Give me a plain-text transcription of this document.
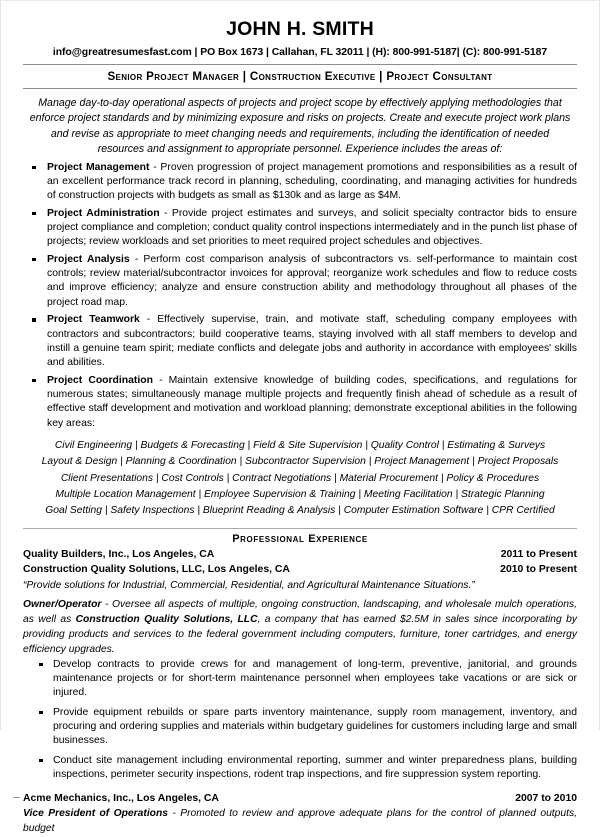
JOHN H. SMITH
info@greatresumesfast.com | PO Box 1673 | Callahan, FL 32011 | (H): 800-991-5187| (C): 800-991-5187
Senior Project Manager | Construction Executive | Project Consultant
Manage day-to-day operational aspects of projects and project scope by effectively applying methodologies that enforce project standards and by minimizing exposure and risks on projects. Create and execute project work plans and revise as appropriate to meet changing needs and requirements, including the identification of needed resources and assignment to appropriate personnel. Experience includes the areas of:
Project Management - Proven progression of project management promotions and responsibilities as a result of an excellent performance track record in planning, scheduling, coordinating, and managing activities for hundreds of construction projects with budgets as small as $130k and as large as $4M.
Project Administration - Provide project estimates and surveys, and solicit specialty contractor bids to ensure project compliance and completion; conduct quality control inspections intermediately and in the punch list phase of projects; review workloads and set priorities to meet required project schedules and objectives.
Project Analysis - Perform cost comparison analysis of subcontractors vs. self-performance to maintain cost controls; review material/subcontractor invoices for approval; reorganize work schedules and flow to reduce costs and improve efficiency; analyze and ensure construction ability and methodology throughout all phases of the project road map.
Project Teamwork - Effectively supervise, train, and motivate staff, scheduling company employees with contractors and subcontractors; build cooperative teams, staying involved with all staff members to develop and instill a genuine team spirit; mediate conflicts and delegate jobs and authority in accordance with employees' skills and abilities.
Project Coordination - Maintain extensive knowledge of building codes, specifications, and regulations for numerous states; simultaneously manage multiple projects and frequently finish ahead of schedule as a result of effective staff development and motivation and workload planning; demonstrate exceptional abilities in the following key areas:
Civil Engineering | Budgets & Forecasting | Field & Site Supervision | Quality Control | Estimating & Surveys
Layout & Design | Planning & Coordination | Subcontractor Supervision | Project Management | Project Proposals
Client Presentations | Cost Controls | Contract Negotiations | Material Procurement | Policy & Procedures
Multiple Location Management | Employee Supervision & Training | Meeting Facilitation | Strategic Planning
Goal Setting | Safety Inspections | Blueprint Reading & Analysis | Computer Estimation Software | CPR Certified
Professional Experience
Quality Builders, Inc., Los Angeles, CA	2011 to Present
Construction Quality Solutions, LLC, Los Angeles, CA	2010 to Present
“Provide solutions for Industrial, Commercial, Residential, and Agricultural Maintenance Situations.”
Owner/Operator - Oversee all aspects of multiple, ongoing construction, landscaping, and wholesale mulch operations, as well as Construction Quality Solutions, LLC, a company that has earned $2.5M in sales since incorporating by providing products and services to the federal government including computers, furniture, toner cartridges, and energy efficiency upgrades.
Develop contracts to provide crews for and management of long-term, preventive, janitorial, and grounds maintenance projects or for short-term maintenance personnel when employees take vacations or are sick or injured.
Provide equipment rebuilds or spare parts inventory maintenance, supply room management, inventory, and procuring and ordering supplies and materials within budgetary guidelines for customers including large and small businesses.
Conduct site management including environmental reporting, summer and winter preparedness plans, building inspections, perimeter security inspections, rodent trap inspections, and fire suppression system reporting.
Acme Mechanics, Inc., Los Angeles, CA	2007 to 2010
Vice President of Operations - Promoted to review and approve adequate plans for the control of planned outputs, budget
